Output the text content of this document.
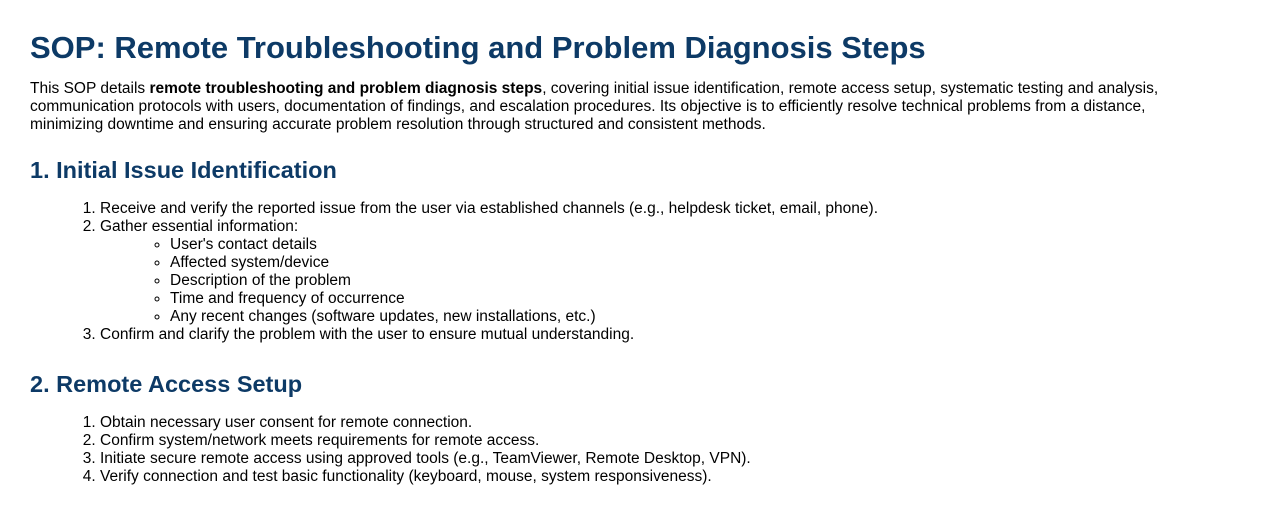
SOP: Remote Troubleshooting and Problem Diagnosis Steps

This SOP details remote troubleshooting and problem diagnosis steps, covering initial issue identification, remote access setup, systematic testing and analysis, communication protocols with users, documentation of findings, and escalation procedures. Its objective is to efficiently resolve technical problems from a distance, minimizing downtime and ensuring accurate problem resolution through structured and consistent methods.

1. Initial Issue Identification
1. Receive and verify the reported issue from the user via established channels (e.g., helpdesk ticket, email, phone).
2. Gather essential information:
◦ User's contact details
◦ Affected system/device
◦ Description of the problem
◦ Time and frequency of occurrence
◦ Any recent changes (software updates, new installations, etc.)
3. Confirm and clarify the problem with the user to ensure mutual understanding.
2. Remote Access Setup
1. Obtain necessary user consent for remote connection.
2. Confirm system/network meets requirements for remote access.
3. Initiate secure remote access using approved tools (e.g., TeamViewer, Remote Desktop, VPN).
4. Verify connection and test basic functionality (keyboard, mouse, system responsiveness).
